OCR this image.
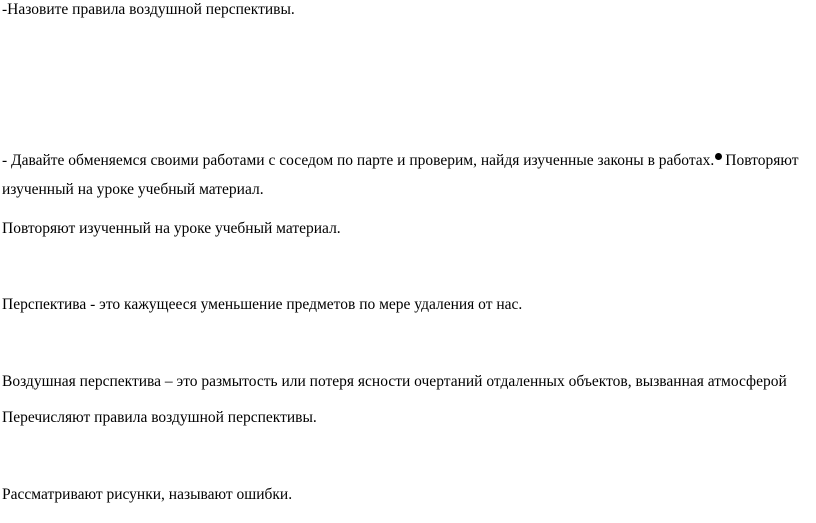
-Назовите правила воздушной перспективы.
- Давайте обменяемся своими работами с соседом по парте и проверим, найдя изученные законы в работах. Повторяют
изученный на уроке учебный материал.
Повторяют изученный на уроке учебный материал.
Перспектива - это кажущееся уменьшение предметов по мере удаления от нас.
Воздушная перспектива – это размытость или потеря ясности очертаний отдаленных объектов, вызванная атмосферой
Перечисляют правила воздушной перспективы.
Рассматривают рисунки, называют ошибки.
